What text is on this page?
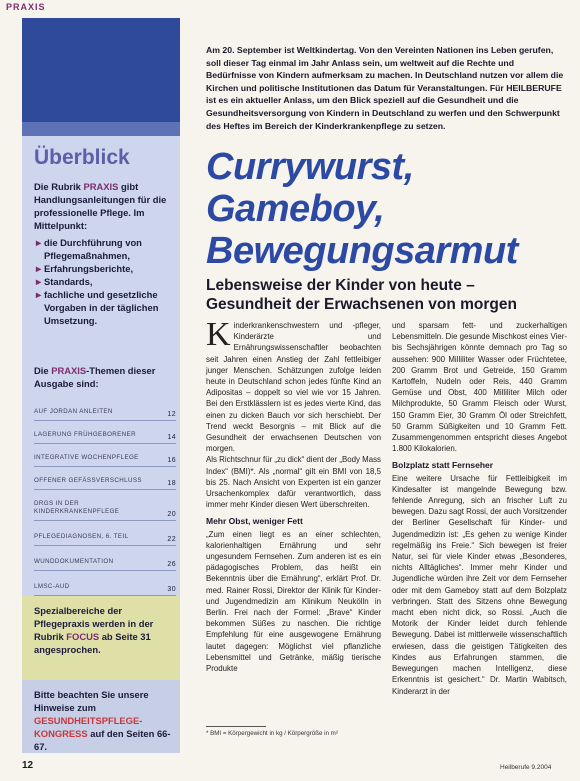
PRAXIS
Überblick
Die Rubrik PRAXIS gibt Handlungsanleitungen für die professionelle Pflege. Im Mittelpunkt:
► die Durchführung von Pflegemaßnahmen,
► Erfahrungsberichte,
► Standards,
► fachliche und gesetzliche Vorgaben in der täglichen Umsetzung.
Die PRAXIS-Themen dieser Ausgabe sind:
AUF JORDAN ANLEITEN	12
LAGERUNG FRÜHGEBORENER	14
INTEGRATIVE WOCHENPFLEGE	16
OFFENER GEFÄSSVERSCHLUSS	18
DRGS IN DER KINDERKRANKENPFLEGE	20
PFLEGEDIAGNOSEN, 6. TEIL	22
WUNDDOKUMENTATION	26
LMSC-AUD	30
Spezialbereiche der Pflegepraxis werden in der Rubrik FOCUS ab Seite 31 angesprochen.
Bitte beachten Sie unsere Hinweise zum GESUNDHEITSPFLEGE-KONGRESS auf den Seiten 66-67.
Am 20. September ist Weltkindertag. Von den Vereinten Nationen ins Leben gerufen, soll dieser Tag einmal im Jahr Anlass sein, um weltweit auf die Rechte und Bedürfnisse von Kindern aufmerksam zu machen. In Deutschland nutzen vor allem die Kirchen und politische Institutionen das Datum für Veranstaltungen. Für HEILBERUFE ist es ein aktueller Anlass, um den Blick speziell auf die Gesundheit und die Gesundheitsversorgung von Kindern in Deutschland zu werfen und den Schwerpunkt des Heftes im Bereich der Kinderkrankenpflege zu setzen.
Currywurst,
Gameboy,
Bewegungsarmut
Lebensweise der Kinder von heute –
Gesundheit der Erwachsenen von morgen

Kinderkrankenschwestern und -pfleger, Kinderärzte und Ernährungswissenschaftler beobachten seit Jahren einen Anstieg der Zahl fettleibiger junger Menschen. Schätzungen zufolge leiden heute in Deutschland schon jedes fünfte Kind an Adipositas – doppelt so viel wie vor 15 Jahren. Bei den Erstklässlern ist es jedes vierte Kind, das einen zu dicken Bauch vor sich herschiebt. Der Trend weckt Besorgnis – mit Blick auf die Gesundheit der erwachsenen Deutschen von morgen.

Als Richtschnur für „zu dick“ dient der „Body Mass Index“ (BMI)*. Als „normal“ gilt ein BMI von 18,5 bis 25. Nach Ansicht von Experten ist ein ganzer Ursachenkomplex dafür verantwortlich, dass immer mehr Kinder diesen Wert überschreiten.

Mehr Obst, weniger Fett

„Zum einen liegt es an einer schlechten, kalorienhaltigen Ernährung und sehr ungesundem Fernsehen. Zum anderen ist es ein pädagogisches Problem, das heißt ein Bekenntnis über die Ernährung“, erklärt Prof. Dr. med. Rainer Rossi, Direktor der Klinik für Kinder- und Jugendmedizin am Klinikum Neukölln in Berlin. Frei nach der Formel: „Brave“ Kinder bekommen Süßes zu naschen. Die richtige Empfehlung für eine ausgewogene Ernährung lautet dagegen: Möglichst viel pflanzliche Lebensmittel und Getränke, mäßig tierische Produkte

und sparsam fett- und zuckerhaltigen Lebensmitteln. Die gesunde Mischkost eines Vier- bis Sechsjährigen könnte demnach pro Tag so aussehen: 900 Milliliter Wasser oder Früchtetee, 200 Gramm Brot und Getreide, 150 Gramm Kartoffeln, Nudeln oder Reis, 440 Gramm Gemüse und Obst, 400 Milliliter Milch oder Milchprodukte, 50 Gramm Fleisch oder Wurst, 150 Gramm Eier, 30 Gramm Öl oder Streichfett, 50 Gramm Süßigkeiten und 10 Gramm Fett. Zusammengenommen entspricht dieses Angebot 1.800 Kilokalorien.

Bolzplatz statt Fernseher

Eine weitere Ursache für Fettleibigkeit im Kindesalter ist mangelnde Bewegung bzw. fehlende Anregung, sich an frischer Luft zu bewegen. Dazu sagt Rossi, der auch Vorsitzender der Berliner Gesellschaft für Kinder- und Jugendmedizin ist: „Es gehen zu wenige Kinder regelmäßig ins Freie.“ Sich bewegen ist freier Natur, sei für viele Kinder etwas „Besonderes, nichts Alltägliches“. Immer mehr Kinder und Jugendliche würden ihre Zeit vor dem Fernseher oder mit dem Gameboy statt auf dem Bolzplatz verbringen. Statt des Sitzens ohne Bewegung macht eben nicht dick, so Rossi. „Auch die Motorik der Kinder leidet durch fehlende Bewegung. Dabei ist mittlerweile wissenschaftlich erwiesen, dass die geistigen Tätigkeiten des Kindes aus Erfahrungen stammen, die Bewegungen machen Intelligenz, diese Erkenntnis ist gesichert.“ Dr. Martin Wabitsch, Kinderarzt in der

* BMI = Körpergewicht in kg / Körpergröße in m²
12	Heilberufe 9.2004
